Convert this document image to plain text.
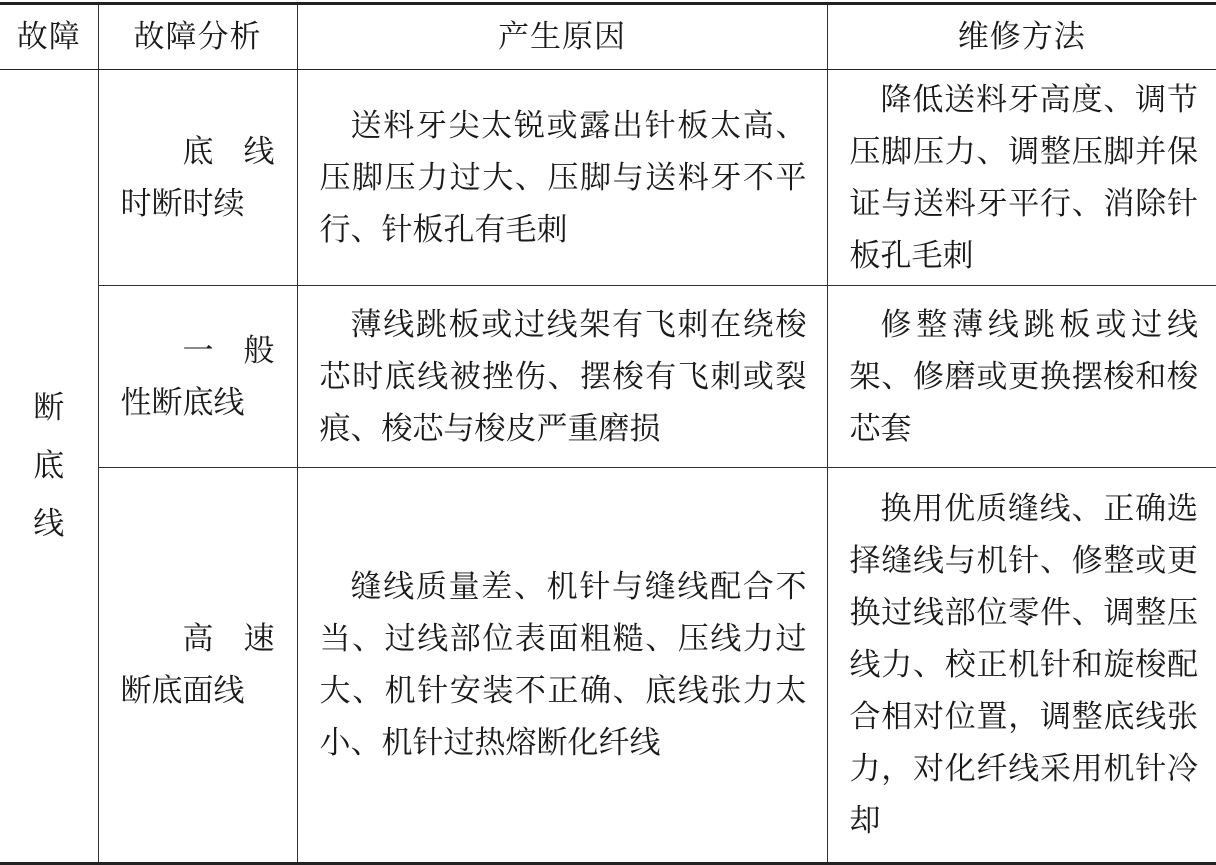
故障	故障分析	产生原因	维修方法
断底线	底线时断时续	送料牙尖太锐或露出针板太高、压脚压力过大、压脚与送料牙不平行、针板孔有毛刺	降低送料牙高度、调节压脚压力、调整压脚并保证与送料牙平行、消除针板孔毛刺
	一般性断底线	薄线跳板或过线架有飞刺在绕梭芯时底线被挫伤、摆梭有飞刺或裂痕、梭芯与梭皮严重磨损	修整薄线跳板或过线架、修磨或更换摆梭和梭芯套
	高速断底面线	缝线质量差、机针与缝线配合不当、过线部位表面粗糙、压线力过大、机针安装不正确、底线张力太小、机针过热熔断化纤线	换用优质缝线、正确选择缝线与机针、修整或更换过线部位零件、调整压线力、校正机针和旋梭配合相对位置，调整底线张力，对化纤线采用机针冷却
